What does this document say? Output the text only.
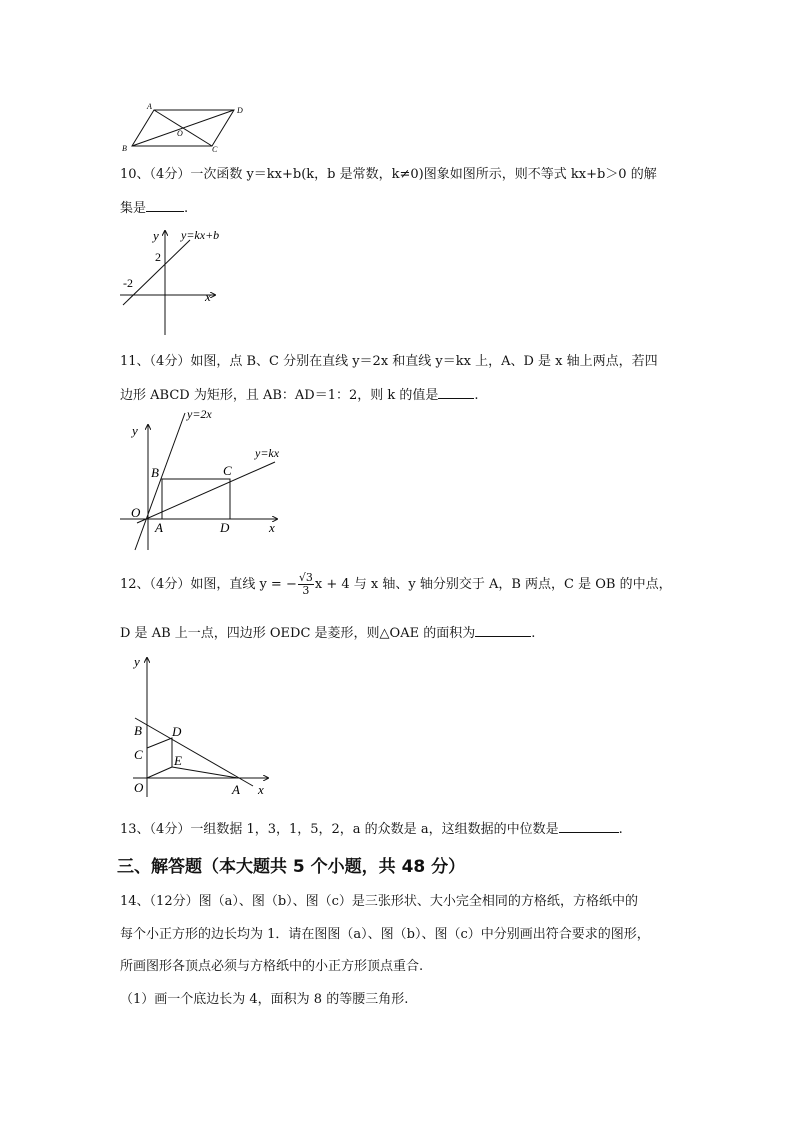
A	D
O
B	C
10、（4分）一次函数 y＝kx+b(k，b 是常数，k≠0)图象如图所示，则不等式 kx+b＞0 的解
集是	.
y y=kx+b
2
-2
x
11、（4分）如图，点 B、C 分别在直线 y＝2x 和直线 y＝kx 上，A、D 是 x 轴上两点，若四
边形 ABCD 为矩形，且 AB：AD＝1：2，则 k 的值是	.
y=2x
y
y=kx
B	C
O
A	D	x
12、（4分）如图，直线 y = − $\frac{√3}{3}$ x + 4 与 x 轴、y 轴分别交于 A，B 两点，C 是 OB 的中点，
D 是 AB 上一点，四边形 OEDC 是菱形，则△OAE 的面积为	.
y
B D
C E
O	A x
13、（4分）一组数据 1，3，1，5，2，a 的众数是 a，这组数据的中位数是	.
三、解答题（本大题共 5 个小题，共 48 分）
14、（12分）图（a）、图（b）、图（c）是三张形状、大小完全相同的方格纸，方格纸中的
每个小正方形的边长均为 1．请在图图（a）、图（b）、图（c）中分别画出符合要求的图形，
所画图形各顶点必须与方格纸中的小正方形顶点重合.
（1）画一个底边长为 4，面积为 8 的等腰三角形.
